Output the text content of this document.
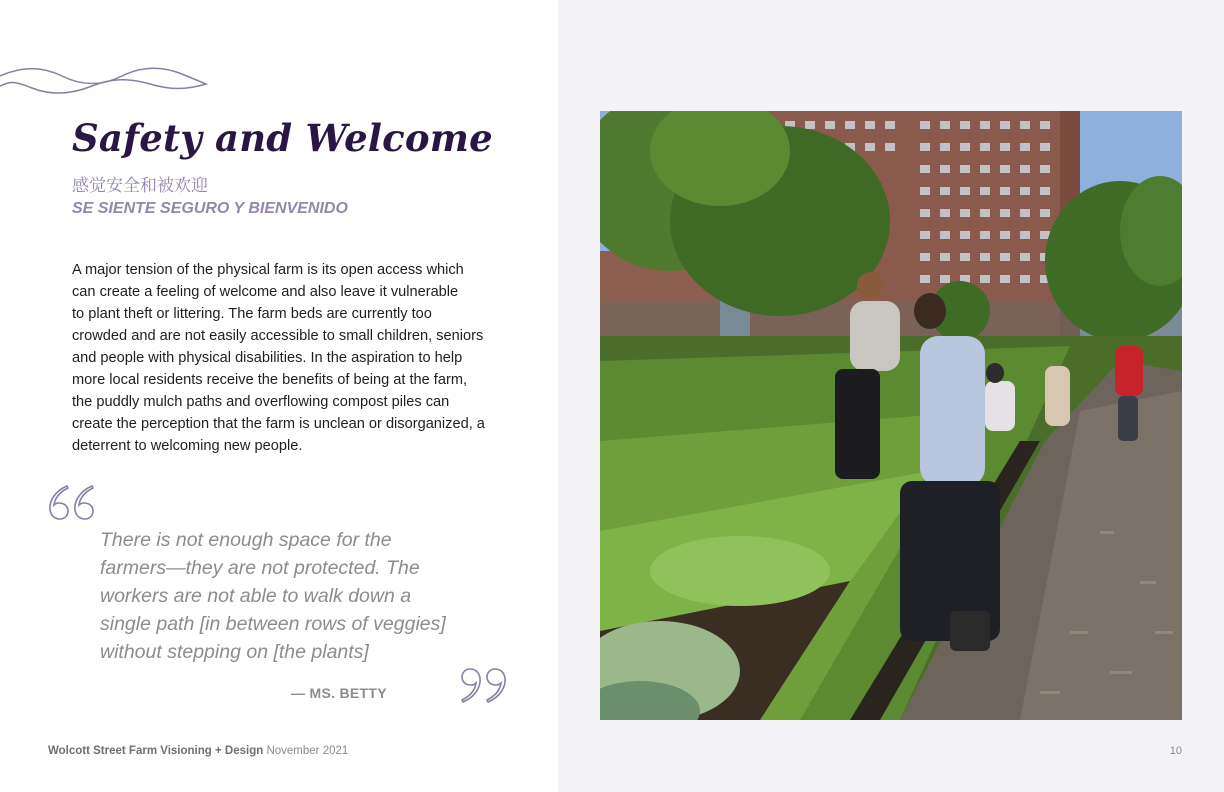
Safety and Welcome
感觉安全和被欢迎
SE SIENTE SEGURO Y BIENVENIDO
A major tension of the physical farm is its open access which
can create a feeling of welcome and also leave it vulnerable
to plant theft or littering. The farm beds are currently too
crowded and are not easily accessible to small children, seniors
and people with physical disabilities. In the aspiration to help
more local residents receive the benefits of being at the farm,
the puddly mulch paths and overflowing compost piles can
create the perception that the farm is unclean or disorganized, a
deterrent to welcoming new people.
There is not enough space for the
farmers—they are not protected. The
workers are not able to walk down a
single path [in between rows of veggies]
without stepping on [the plants]
— MS. BETTY
Wolcott Street Farm Visioning + Design November 2021	10
